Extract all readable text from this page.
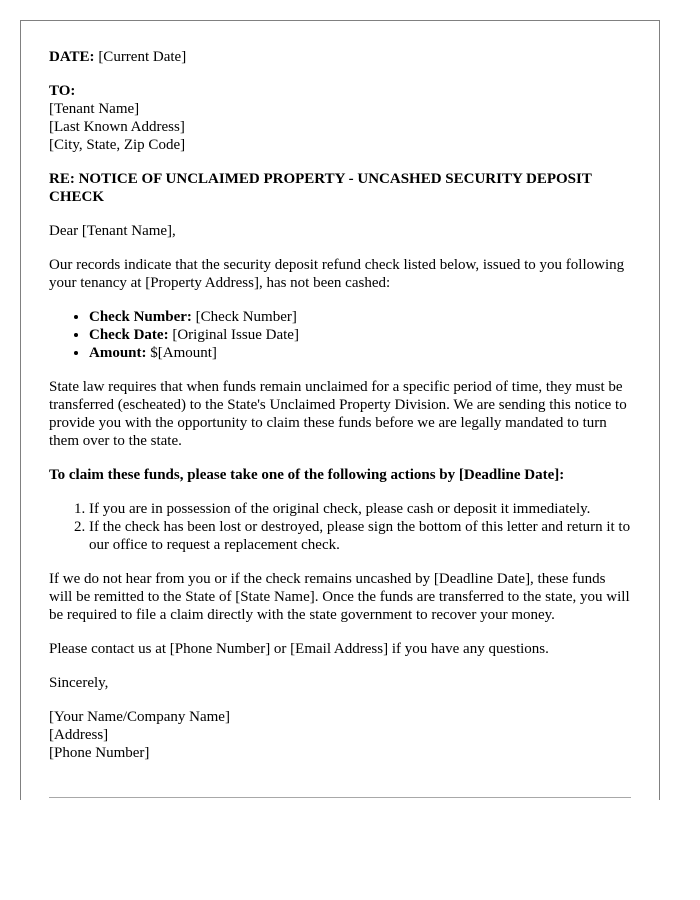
DATE: [Current Date]

TO:
[Tenant Name]
[Last Known Address]
[City, State, Zip Code]

RE: NOTICE OF UNCLAIMED PROPERTY - UNCASHED SECURITY DEPOSIT CHECK

Dear [Tenant Name],

Our records indicate that the security deposit refund check listed below, issued to you following your tenancy at [Property Address], has not been cashed:

• Check Number: [Check Number]
• Check Date: [Original Issue Date]
• Amount: $[Amount]

State law requires that when funds remain unclaimed for a specific period of time, they must be transferred (escheated) to the State's Unclaimed Property Division. We are sending this notice to provide you with the opportunity to claim these funds before we are legally mandated to turn them over to the state.

To claim these funds, please take one of the following actions by [Deadline Date]:

1. If you are in possession of the original check, please cash or deposit it immediately.
2. If the check has been lost or destroyed, please sign the bottom of this letter and return it to our office to request a replacement check.

If we do not hear from you or if the check remains uncashed by [Deadline Date], these funds will be remitted to the State of [State Name]. Once the funds are transferred to the state, you will be required to file a claim directly with the state government to recover your money.

Please contact us at [Phone Number] or [Email Address] if you have any questions.

Sincerely,

[Your Name/Company Name]
[Address]
[Phone Number]
